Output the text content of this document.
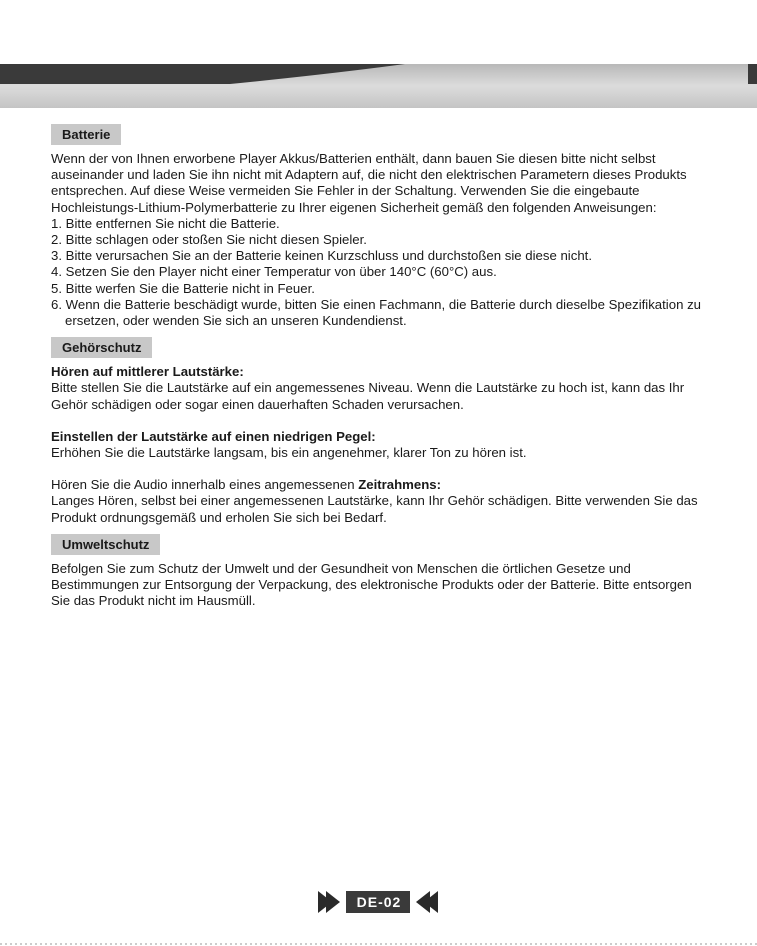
Batterie

Wenn der von Ihnen erworbene Player Akkus/Batterien enthält, dann bauen Sie diesen bitte nicht selbst auseinander und laden Sie ihn nicht mit Adaptern auf, die nicht den elektrischen Parametern dieses Produkts entsprechen. Auf diese Weise vermeiden Sie Fehler in der Schaltung. Verwenden Sie die eingebaute Hochleistungs-Lithium-Polymerbatterie zu Ihrer eigenen Sicherheit gemäß den folgenden Anweisungen:

1. Bitte entfernen Sie nicht die Batterie.
2. Bitte schlagen oder stoßen Sie nicht diesen Spieler.
3. Bitte verursachen Sie an der Batterie keinen Kurzschluss und durchstoßen sie diese nicht.
4. Setzen Sie den Player nicht einer Temperatur von über 140°C (60°C) aus.
5. Bitte werfen Sie die Batterie nicht in Feuer.
6. Wenn die Batterie beschädigt wurde, bitten Sie einen Fachmann, die Batterie durch dieselbe Spezifikation zu ersetzen, oder wenden Sie sich an unseren Kundendienst.
Gehörschutz

Hören auf mittlerer Lautstärke:

Bitte stellen Sie die Lautstärke auf ein angemessenes Niveau. Wenn die Lautstärke zu hoch ist, kann das Ihr Gehör schädigen oder sogar einen dauerhaften Schaden verursachen.

Einstellen der Lautstärke auf einen niedrigen Pegel:

Erhöhen Sie die Lautstärke langsam, bis ein angenehmer, klarer Ton zu hören ist.

Hören Sie die Audio innerhalb eines angemessenen Zeitrahmens:

Langes Hören, selbst bei einer angemessenen Lautstärke, kann Ihr Gehör schädigen. Bitte verwenden Sie das Produkt ordnungsgemäß und erholen Sie sich bei Bedarf.

Umweltschutz

Befolgen Sie zum Schutz der Umwelt und der Gesundheit von Menschen die örtlichen Gesetze und Bestimmungen zur Entsorgung der Verpackung, des elektronische Produkts oder der Batterie. Bitte entsorgen Sie das Produkt nicht im Hausmüll.

DE-02
